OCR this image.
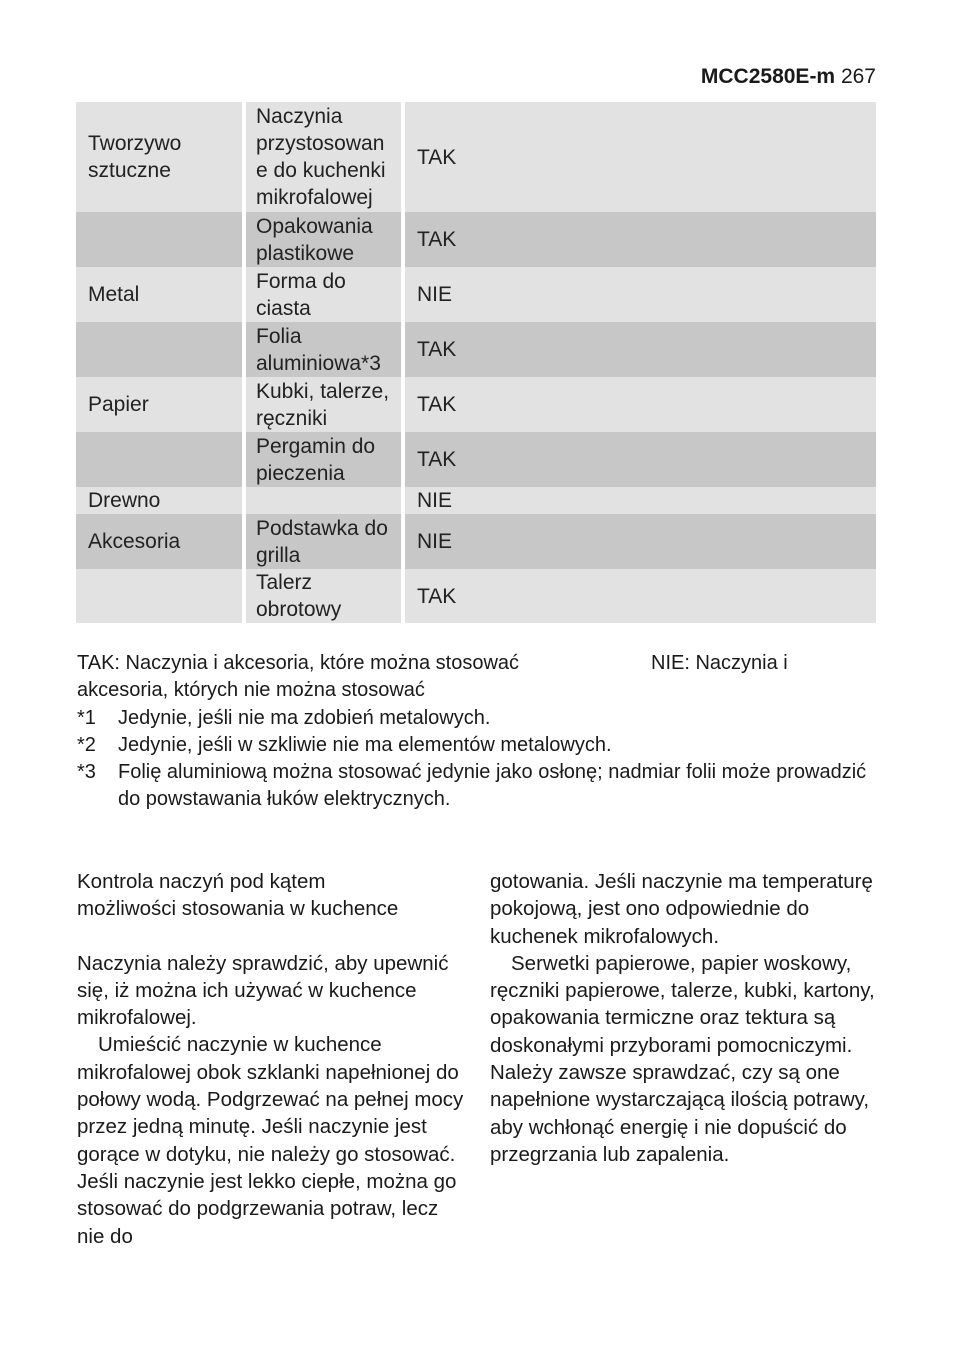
MCC2580E-m 267
Tworzywo sztuczne	Naczynia przystosowan e do kuchenki mikrofalowej	TAK
	Opakowania plastikowe	TAK
Metal	Forma do ciasta	NIE
	Folia aluminiowa*3	TAK
Papier	Kubki, talerze, ręczniki	TAK
	Pergamin do pieczenia	TAK
Drewno		NIE
Akcesoria	Podstawka do grilla	NIE
	Talerz obrotowy	TAK
TAK: Naczynia i akcesoria, które można stosować	NIE: Naczynia i
akcesoria, których nie można stosować
*1	Jedynie, jeśli nie ma zdobień metalowych.
*2	Jedynie, jeśli w szkliwie nie ma elementów metalowych.
*3	Folię aluminiową można stosować jedynie jako osłonę; nadmiar folii może prowadzić do powstawania łuków elektrycznych.
Kontrola naczyń pod kątem
możliwości stosowania w kuchence

Naczynia należy sprawdzić, aby upewnić się, iż można ich używać w kuchence mikrofalowej.

Umieścić naczynie w kuchence mikrofalowej obok szklanki napełnionej do połowy wodą. Podgrzewać na pełnej mocy przez jedną minutę. Jeśli naczynie jest gorące w dotyku, nie należy go stosować. Jeśli naczynie jest lekko ciepłe, można go stosować do podgrzewania potraw, lecz nie do

gotowania. Jeśli naczynie ma temperaturę pokojową, jest ono odpowiednie do kuchenek mikrofalowych.

Serwetki papierowe, papier woskowy, ręczniki papierowe, talerze, kubki, kartony, opakowania termiczne oraz tektura są doskonałymi przyborami pomocniczymi. Należy zawsze sprawdzać, czy są one napełnione wystarczającą ilością potrawy, aby wchłonąć energię i nie dopuścić do przegrzania lub zapalenia.
